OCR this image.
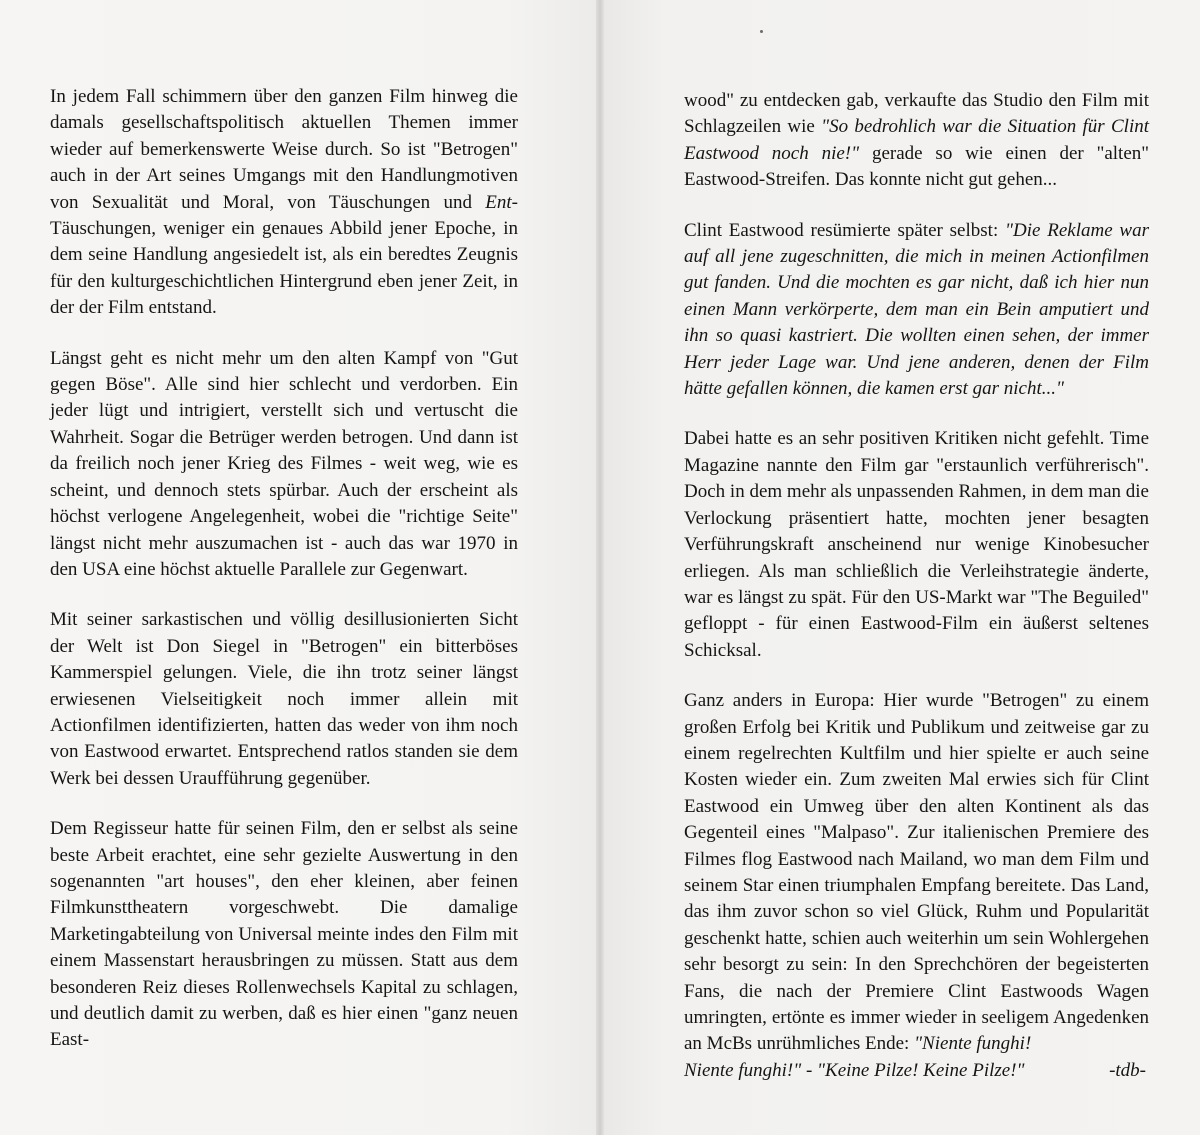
In jedem Fall schimmern über den ganzen Film hinweg die damals gesellschaftspolitisch aktuellen Themen immer wieder auf bemerkenswerte Weise durch. So ist "Betrogen" auch in der Art seines Umgangs mit den Handlungmotiven von Sexualität und Moral, von Täuschungen und Ent-Täuschungen, weniger ein genaues Abbild jener Epoche, in dem seine Handlung angesiedelt ist, als ein beredtes Zeugnis für den kulturgeschichtlichen Hintergrund eben jener Zeit, in der der Film entstand.

Längst geht es nicht mehr um den alten Kampf von "Gut gegen Böse". Alle sind hier schlecht und verdorben. Ein jeder lügt und intrigiert, verstellt sich und vertuscht die Wahrheit. Sogar die Betrüger werden betrogen. Und dann ist da freilich noch jener Krieg des Filmes - weit weg, wie es scheint, und dennoch stets spürbar. Auch der erscheint als höchst verlogene Angelegenheit, wobei die "richtige Seite" längst nicht mehr auszumachen ist - auch das war 1970 in den USA eine höchst aktuelle Parallele zur Gegenwart.

Mit seiner sarkastischen und völlig desillusionierten Sicht der Welt ist Don Siegel in "Betrogen" ein bitterböses Kammerspiel gelungen. Viele, die ihn trotz seiner längst erwiesenen Vielseitigkeit noch immer allein mit Actionfilmen identifizierten, hatten das weder von ihm noch von Eastwood erwartet. Entsprechend ratlos standen sie dem Werk bei dessen Uraufführung gegenüber.

Dem Regisseur hatte für seinen Film, den er selbst als seine beste Arbeit erachtet, eine sehr gezielte Auswertung in den sogenannten "art houses", den eher kleinen, aber feinen Filmkunsttheatern vorgeschwebt. Die damalige Marketingabteilung von Universal meinte indes den Film mit einem Massenstart herausbringen zu müssen. Statt aus dem besonderen Reiz dieses Rollenwechsels Kapital zu schlagen, und deutlich damit zu werben, daß es hier einen "ganz neuen East-

wood" zu entdecken gab, verkaufte das Studio den Film mit Schlagzeilen wie "So bedrohlich war die Situation für Clint Eastwood noch nie!" gerade so wie einen der "alten" Eastwood-Streifen. Das konnte nicht gut gehen...

Clint Eastwood resümierte später selbst: "Die Reklame war auf all jene zugeschnitten, die mich in meinen Actionfilmen gut fanden. Und die mochten es gar nicht, daß ich hier nun einen Mann verkörperte, dem man ein Bein amputiert und ihn so quasi kastriert. Die wollten einen sehen, der immer Herr jeder Lage war. Und jene anderen, denen der Film hätte gefallen können, die kamen erst gar nicht..."

Dabei hatte es an sehr positiven Kritiken nicht gefehlt. Time Magazine nannte den Film gar "erstaunlich verführerisch". Doch in dem mehr als unpassenden Rahmen, in dem man die Verlockung präsentiert hatte, mochten jener besagten Verführungskraft anscheinend nur wenige Kinobesucher erliegen. Als man schließlich die Verleihstrategie änderte, war es längst zu spät. Für den US-Markt war "The Beguiled" gefloppt - für einen Eastwood-Film ein äußerst seltenes Schicksal.

Ganz anders in Europa: Hier wurde "Betrogen" zu einem großen Erfolg bei Kritik und Publikum und zeitweise gar zu einem regelrechten Kultfilm und hier spielte er auch seine Kosten wieder ein. Zum zweiten Mal erwies sich für Clint Eastwood ein Umweg über den alten Kontinent als das Gegenteil eines "Malpaso". Zur italienischen Premiere des Filmes flog Eastwood nach Mailand, wo man dem Film und seinem Star einen triumphalen Empfang bereitete. Das Land, das ihm zuvor schon so viel Glück, Ruhm und Popularität geschenkt hatte, schien auch weiterhin um sein Wohlergehen sehr besorgt zu sein: In den Sprechchören der begeisterten Fans, die nach der Premiere Clint Eastwoods Wagen umringten, ertönte es immer wieder in seeligem Angedenken an McBs unrühmliches Ende: "Niente funghi!

Niente funghi!" - "Keine Pilze! Keine Pilze!"	-tdb-
